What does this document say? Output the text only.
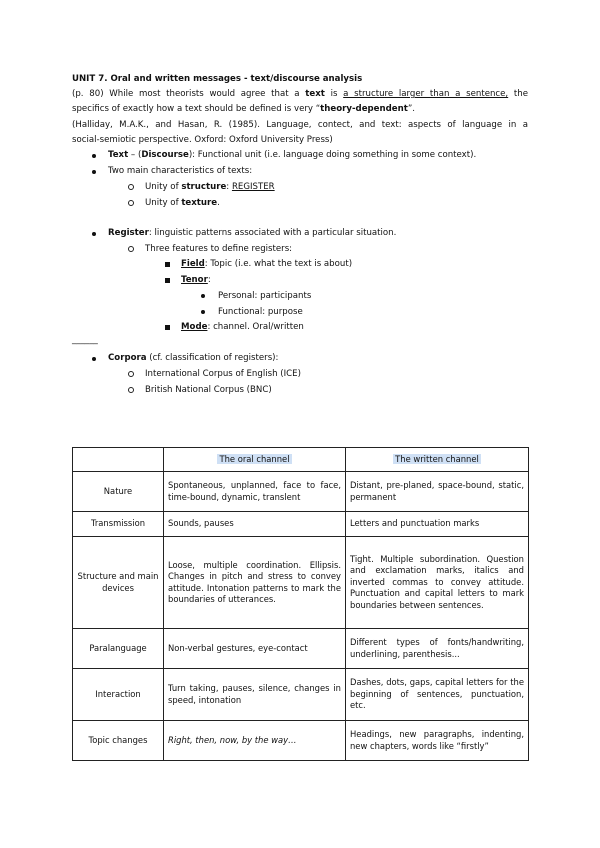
UNIT 7. Oral and written messages - text/discourse analysis
(p. 80) While most theorists would agree that a text is a structure larger than a sentence, the
specifics of exactly how a text should be defined is very “theory-dependent”.
(Halliday, M.A.K., and Hasan, R. (1985). Language, contect, and text: aspects of language in a
social-semiotic perspective. Oxford: Oxford University Press)
Text – (Discourse): Functional unit (i.e. language doing something in some context).
Two main characteristics of texts:
Unity of structure: REGISTER
Unity of texture.
Register: linguistic patterns associated with a particular situation.
Three features to define registers:
Field: Topic (i.e. what the text is about)
Tenor:
Personal: participants
Functional: purpose
Mode: channel. Oral/written
______
Corpora (cf. classification of registers):
International Corpus of English (ICE)
British National Corpus (BNC)
	The oral channel	The written channel
Nature	Spontaneous, unplanned, face to face, time-bound, dynamic, translent	Distant, pre-planed, space-bound, static, permanent
Transmission	Sounds, pauses	Letters and punctuation marks
Structure and main devices	Loose, multiple coordination. Ellipsis. Changes in pitch and stress to convey attitude. Intonation patterns to mark the boundaries of utterances.	Tight. Multiple subordination. Question and exclamation marks, italics and inverted commas to convey attitude. Punctuation and capital letters to mark boundaries between sentences.
Paralanguage	Non-verbal gestures, eye-contact	Different types of fonts/handwriting, underlining, parenthesis...
Interaction	Turn taking, pauses, silence, changes in speed, intonation	Dashes, dots, gaps, capital letters for the beginning of sentences, punctuation, etc.
Topic changes	Right, then, now, by the way…	Headings, new paragraphs, indenting, new chapters, words like “firstly”
